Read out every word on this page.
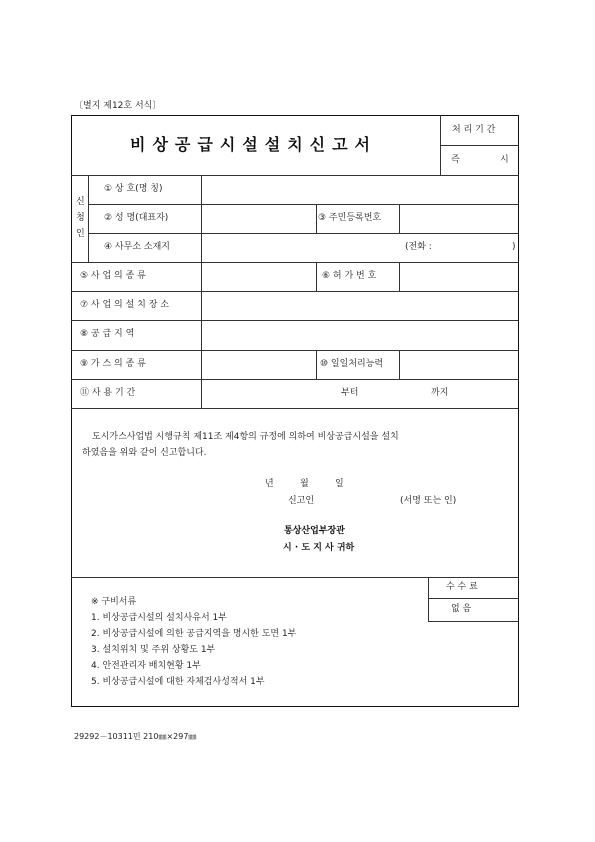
〔별지 제12호 서식〕
비상공급시설설치신고서
처 리 기 간
즉	시
신
청
인
① 상 호(명 칭)
② 성 명(대표자)	③ 주민등록번호
④ 사무소 소재지	(전화 :	)
⑤ 사 업 의 종 류	⑥ 허 가 번 호
⑦ 사 업 의 설 치 장 소
⑧ 공 급 지 역
⑨ 가 스 의 종 류	⑩ 일일처리능력
⑪ 사 용 기 간	부터	까지
도시가스사업법 시행규칙 제11조 제4항의 규정에 의하여 비상공급시설을 설치
하였음을 위와 같이 신고합니다.
년	월	일
신고인	(서명 또는 인)
통상산업부장관
시 · 도 지 사 귀하
수 수 료
없 음
※ 구비서류
1. 비상공급시설의 설치사유서 1부
2. 비상공급시설에 의한 공급지역을 명시한 도면 1부
3. 설치위치 및 주위 상황도 1부
4. 안전관리자 배치현황 1부
5. 비상공급시설에 대한 자체검사성적서 1부
29292－10311민 210㎜×297㎜
